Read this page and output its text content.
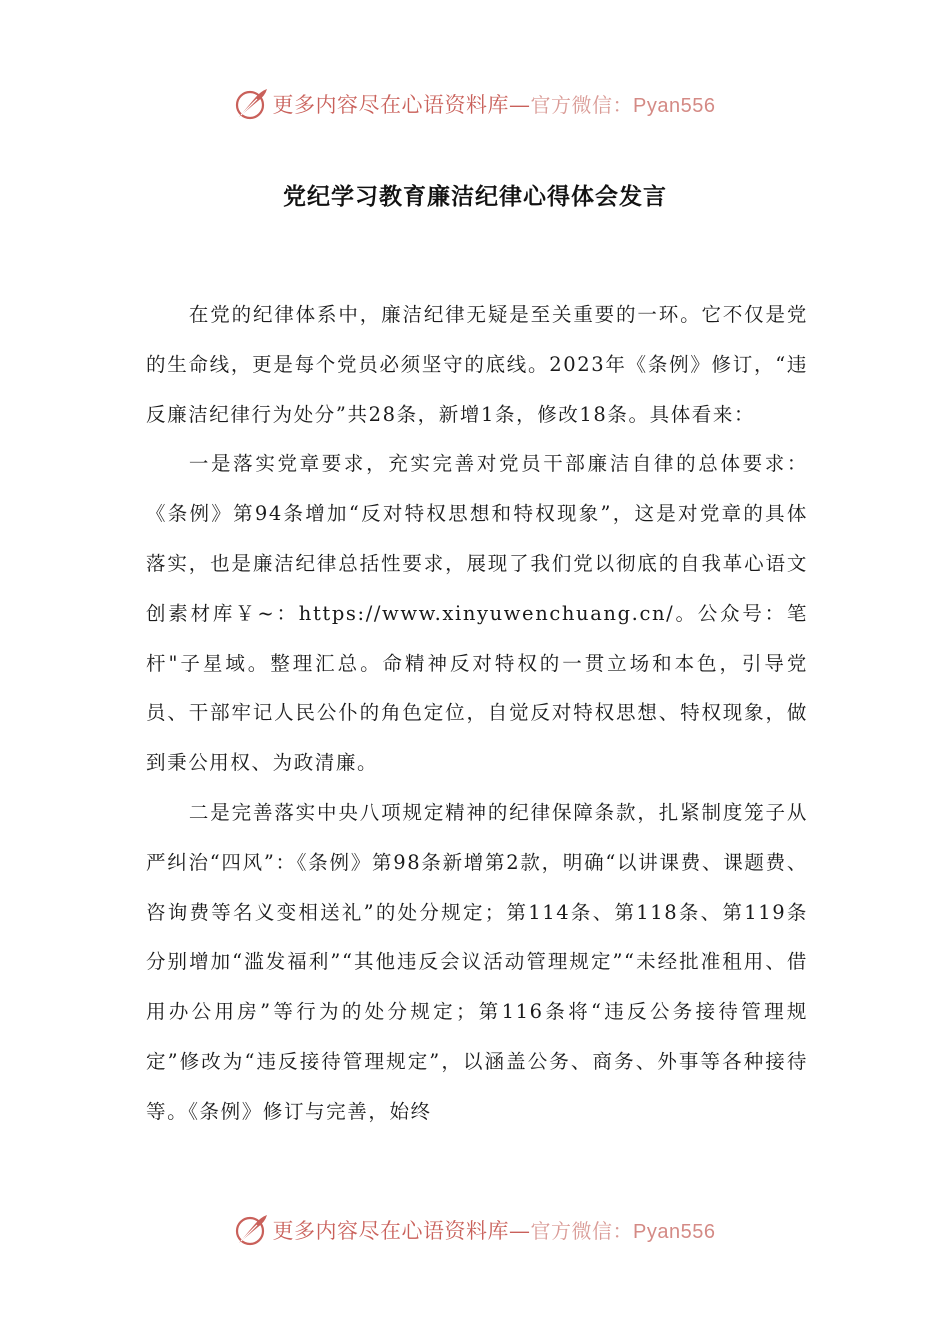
更多内容尽在心语资料库—官方微信：Pyan556
党纪学习教育廉洁纪律心得体会发言

在党的纪律体系中，廉洁纪律无疑是至关重要的一环。它不仅是党的生命线，更是每个党员必须坚守的底线。2023年《条例》修订，“违反廉洁纪律行为处分”共28条，新增1条，修改18条。具体看来：

一是落实党章要求，充实完善对党员干部廉洁自律的总体要求：《条例》第94条增加“反对特权思想和特权现象”，这是对党章的具体落实，也是廉洁纪律总括性要求，展现了我们党以彻底的自我革心语文创素材库￥~：https://www.xinyuwenchuang.cn/。公众号：笔杆"子星域。整理汇总。命精神反对特权的一贯立场和本色，引导党员、干部牢记人民公仆的角色定位，自觉反对特权思想、特权现象，做到秉公用权、为政清廉。

二是完善落实中央八项规定精神的纪律保障条款，扎紧制度笼子从严纠治“四风”：《条例》第98条新增第2款，明确“以讲课费、课题费、咨询费等名义变相送礼”的处分规定；第114条、第118条、第119条分别增加“滥发福利”“其他违反会议活动管理规定”“未经批准租用、借用办公用房”等行为的处分规定；第116条将“违反公务接待管理规定”修改为“违反接待管理规定”，以涵盖公务、商务、外事等各种接待等。《条例》修订与完善，始终

更多内容尽在心语资料库—官方微信：Pyan556
